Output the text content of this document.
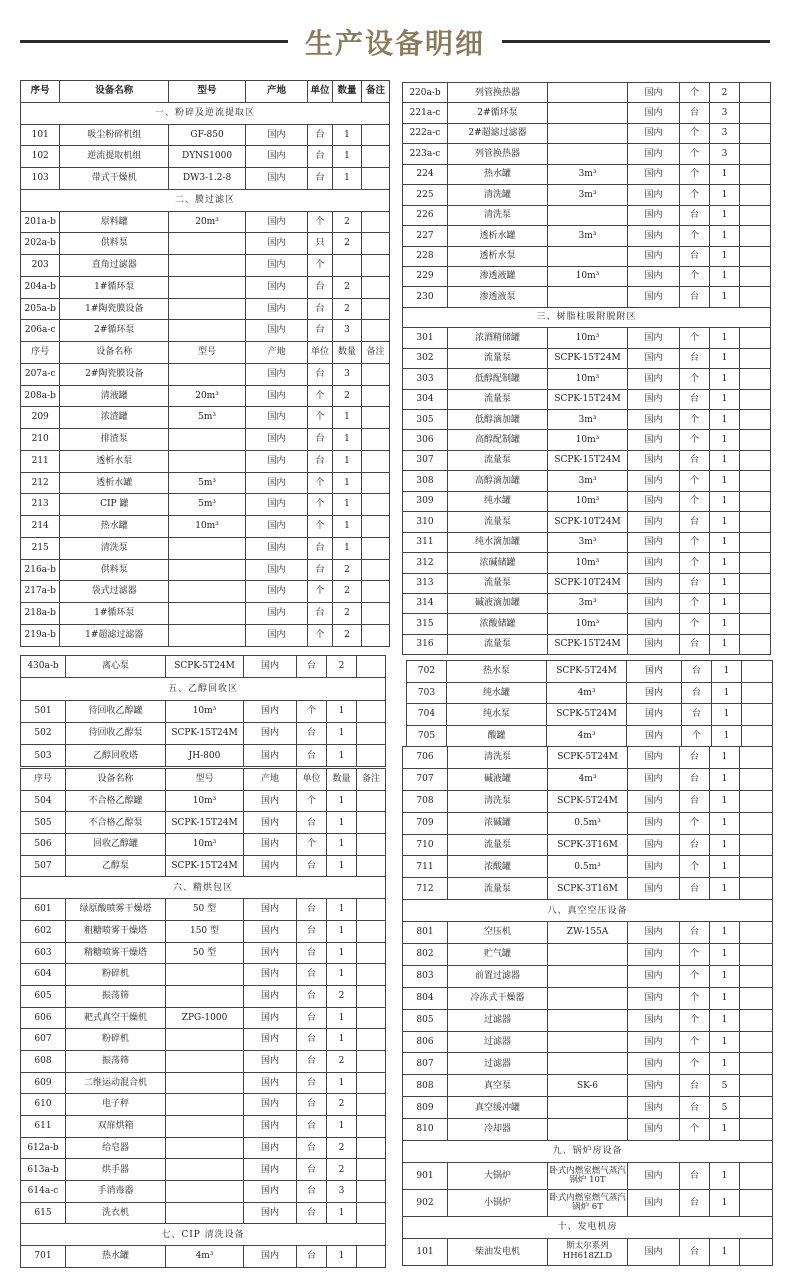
生产设备明细
序号	设备名称	型号	产地	单位	数量	备注
一、粉碎及逆流提取区						
101	吸尘粉碎机组	GF-850	国内	台	1	
102	逆流提取机组	DYNS1000	国内	台	1	
103	带式干燥机	DW3-1.2-8	国内	台	1	
二、膜过滤区						
201a-b	原料罐	20m³	国内	个	2	
202a-b	供料泵		国内	只	2	
203	直角过滤器		国内	个		
204a-b	1#循环泵		国内	台	2	
205a-b	1#陶瓷膜设备		国内	台	2	
206a-c	2#循环泵		国内	台	3	
序号	设备名称	型号	产地	单位	数量	备注
207a-c	2#陶瓷膜设备		国内	台	3	
208a-b	清液罐	20m³	国内	个	2	
209	浓渣罐	5m³	国内	个	1	
210	排渣泵		国内	台	1	
211	透析水泵		国内	台	1	
212	透析水罐	5m³	国内	个	1	
213	CIP 罐	5m³	国内	个	1	
214	热水罐	10m³	国内	个	1	
215	清洗泵		国内	台	1	
216a-b	供料泵		国内	台	2	
217a-b	袋式过滤器		国内	个	2	
218a-b	1#循环泵		国内	台	2	
219a-b	1#超滤过滤器		国内	个	2	
430a-b	离心泵	SCPK-5T24M	国内	台	2	
五、乙醇回收区						
501	待回收乙醇罐	10m³	国内	个	1	
502	待回收乙醇泵	SCPK-15T24M	国内	台	1	
503	乙醇回收塔	JH-800	国内	台	1	
序号	设备名称	型号	产地	单位	数量	备注
504	不合格乙醇罐	10m³	国内	个	1	
505	不合格乙醇泵	SCPK-15T24M	国内	台	1	
506	回收乙醇罐	10m³	国内	个	1	
507	乙醇泵	SCPK-15T24M	国内	台	1	
六、精烘包区						
601	绿原酸喷雾干燥塔	50 型	国内	台	1	
602	粗糖喷雾干燥塔	150 型	国内	台	1	
603	精糖喷雾干燥塔	50 型	国内	台	1	
604	粉碎机		国内	台	1	
605	振荡筛		国内	台	2	
606	耙式真空干燥机	ZPG-1000	国内	台	1	
607	粉碎机		国内	台	1	
608	振荡筛		国内	台	2	
609	二维运动混合机		国内	台	1	
610	电子秤		国内	台	2	
611	双扉烘箱		国内	台	1	
612a-b	给皂器		国内	台	2	
613a-b	烘手器		国内	台	2	
614a-c	手消毒器		国内	台	3	
615	洗衣机		国内	台	1	
七、CIP 清洗设备						
701	热水罐	4m³	国内	台	1	
220a-b	列管换热器		国内	个	2	
221a-c	2#循环泵		国内	台	3	
222a-c	2#超滤过滤器		国内	个	3	
223a-c	列管换热器		国内	个	3	
224	热水罐	3m³	国内	个	1	
225	清洗罐	3m³	国内	个	1	
226	清洗泵		国内	台	1	
227	透析水罐	3m³	国内	个	1	
228	透析水泵		国内	台	1	
229	渗透液罐	10m³	国内	个	1	
230	渗透液泵		国内	台	1	
三、树脂柱吸附脱附区						
301	浓酒精储罐	10m³	国内	个	1	
302	流量泵	SCPK-15T24M	国内	台	1	
303	低醇配制罐	10m³	国内	个	1	
304	流量泵	SCPK-15T24M	国内	台	1	
305	低醇滴加罐	3m³	国内	个	1	
306	高醇配制罐	10m³	国内	个	1	
307	流量泵	SCPK-15T24M	国内	台	1	
308	高醇滴加罐	3m³	国内	个	1	
309	纯水罐	10m³	国内	个	1	
310	流量泵	SCPK-10T24M	国内	台	1	
311	纯水滴加罐	3m³	国内	个	1	
312	浓碱储罐	10m³	国内	个	1	
313	流量泵	SCPK-10T24M	国内	台	1	
314	碱液滴加罐	3m³	国内	个	1	
315	浓酸储罐	10m³	国内	个	1	
316	流量泵	SCPK-15T24M	国内	台	1	
702	热水泵	SCPK-5T24M	国内	台	1	
703	纯水罐	4m³	国内	台	1	
704	纯水泵	SCPK-5T24M	国内	台	1	
705	酸罐	4m³	国内	个	1	
706	清洗泵	SCPK-5T24M	国内	台	1	
707	碱液罐	4m³	国内	台	1	
708	清洗泵	SCPK-5T24M	国内	台	1	
709	浓碱罐	0.5m³	国内	个	1	
710	流量泵	SCPK-3T16M	国内	台	1	
711	浓酸罐	0.5m³	国内	个	1	
712	流量泵	SCPK-3T16M	国内	台	1	
八、真空空压设备						
801	空压机	ZW-155A	国内	台	1	
802	贮气罐		国内	个	1	
803	前置过滤器		国内	个	1	
804	冷冻式干燥器		国内	个	1	
805	过滤器		国内	个	1	
806	过滤器		国内	个	1	
807	过滤器		国内	个	1	
808	真空泵	SK-6	国内	台	5	
809	真空缓冲罐		国内	台	5	
810	冷却器		国内	个	1	
九、锅炉房设备						
901	大锅炉	卧式内燃室燃气蒸汽锅炉 10T	国内	台	1	
902	小锅炉	卧式内燃室燃气蒸汽锅炉 6T	国内	台	1	
十、发电机房						
101	柴油发电机	斯太尔系列 HH618ZLD	国内	台	1	
